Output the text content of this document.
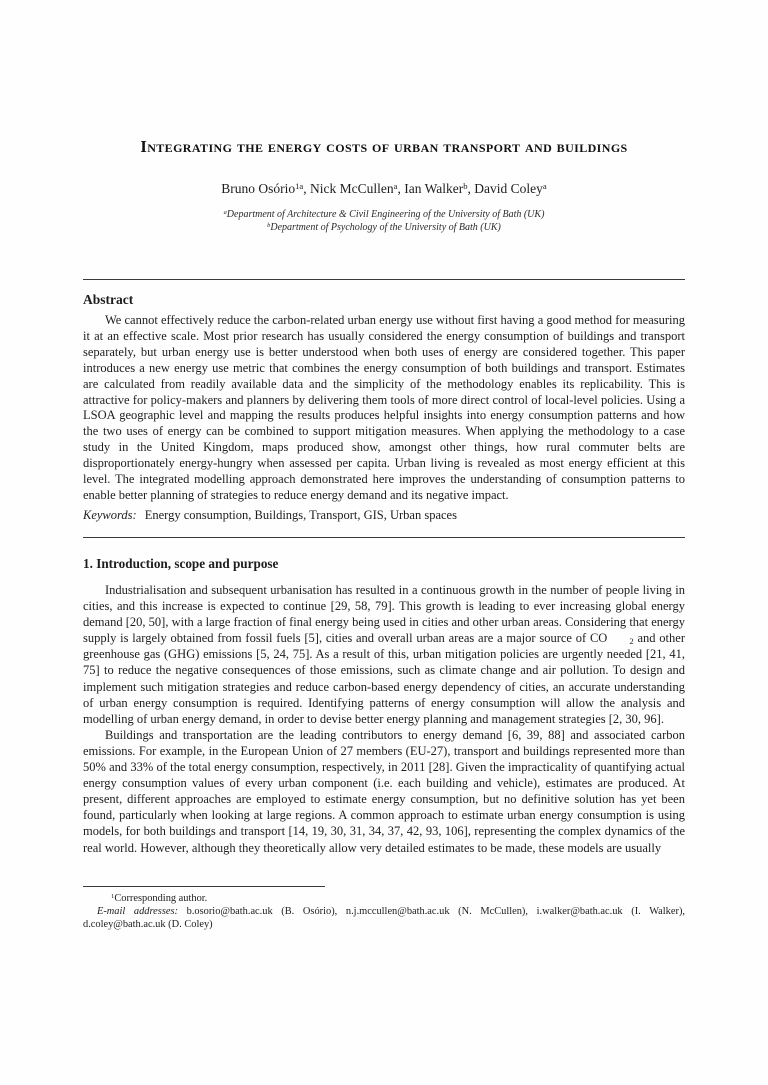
Integrating the energy costs of urban transport and buildings
Bruno Osório1a, Nick McCullena, Ian Walkerb, David Coleya
aDepartment of Architecture & Civil Engineering of the University of Bath (UK)
bDepartment of Psychology of the University of Bath (UK)
Abstract

We cannot effectively reduce the carbon-related urban energy use without first having a good method for measuring it at an effective scale. Most prior research has usually considered the energy consumption of buildings and transport separately, but urban energy use is better understood when both uses of energy are considered together. This paper introduces a new energy use metric that combines the energy consumption of both buildings and transport. Estimates are calculated from readily available data and the simplicity of the methodology enables its replicability. This is attractive for policy-makers and planners by delivering them tools of more direct control of local-level policies. Using a LSOA geographic level and mapping the results produces helpful insights into energy consumption patterns and how the two uses of energy can be combined to support mitigation measures. When applying the methodology to a case study in the United Kingdom, maps produced show, amongst other things, how rural commuter belts are disproportionately energy-hungry when assessed per capita. Urban living is revealed as most energy efficient at this level. The integrated modelling approach demonstrated here improves the understanding of consumption patterns to enable better planning of strategies to reduce energy demand and its negative impact.

Keywords: Energy consumption, Buildings, Transport, GIS, Urban spaces
1. Introduction, scope and purpose

Industrialisation and subsequent urbanisation has resulted in a continuous growth in the number of people living in cities, and this increase is expected to continue [29, 58, 79]. This growth is leading to ever increasing global energy demand [20, 50], with a large fraction of final energy being used in cities and other urban areas. Considering that energy supply is largely obtained from fossil fuels [5], cities and overall urban areas are a major source of CO	2 and other greenhouse gas (GHG) emissions [5, 24, 75]. As a result of this, urban mitigation policies are urgently needed [21, 41, 75] to reduce the negative consequences of those emissions, such as climate change and air pollution. To design and implement such mitigation strategies and reduce carbon-based energy dependency of cities, an accurate understanding of urban energy consumption is required. Identifying patterns of energy consumption will allow the analysis and modelling of urban energy demand, in order to devise better energy planning and management strategies [2, 30, 96].

Buildings and transportation are the leading contributors to energy demand [6, 39, 88] and associated carbon emissions. For example, in the European Union of 27 members (EU-27), transport and buildings represented more than 50% and 33% of the total energy consumption, respectively, in 2011 [28]. Given the impracticality of quantifying actual energy consumption values of every urban component (i.e. each building and vehicle), estimates are produced. At present, different approaches are employed to estimate energy consumption, but no definitive solution has yet been found, particularly when looking at large regions. A common approach to estimate urban energy consumption is using models, for both buildings and transport [14, 19, 30, 31, 34, 37, 42, 93, 106], representing the complex dynamics of the real world. However, although they theoretically allow very detailed estimates to be made, these models are usually

1Corresponding author.

E-mail addresses: b.osorio@bath.ac.uk (B. Osório), n.j.mccullen@bath.ac.uk (N. McCullen), i.walker@bath.ac.uk (I. Walker), d.coley@bath.ac.uk (D. Coley)
